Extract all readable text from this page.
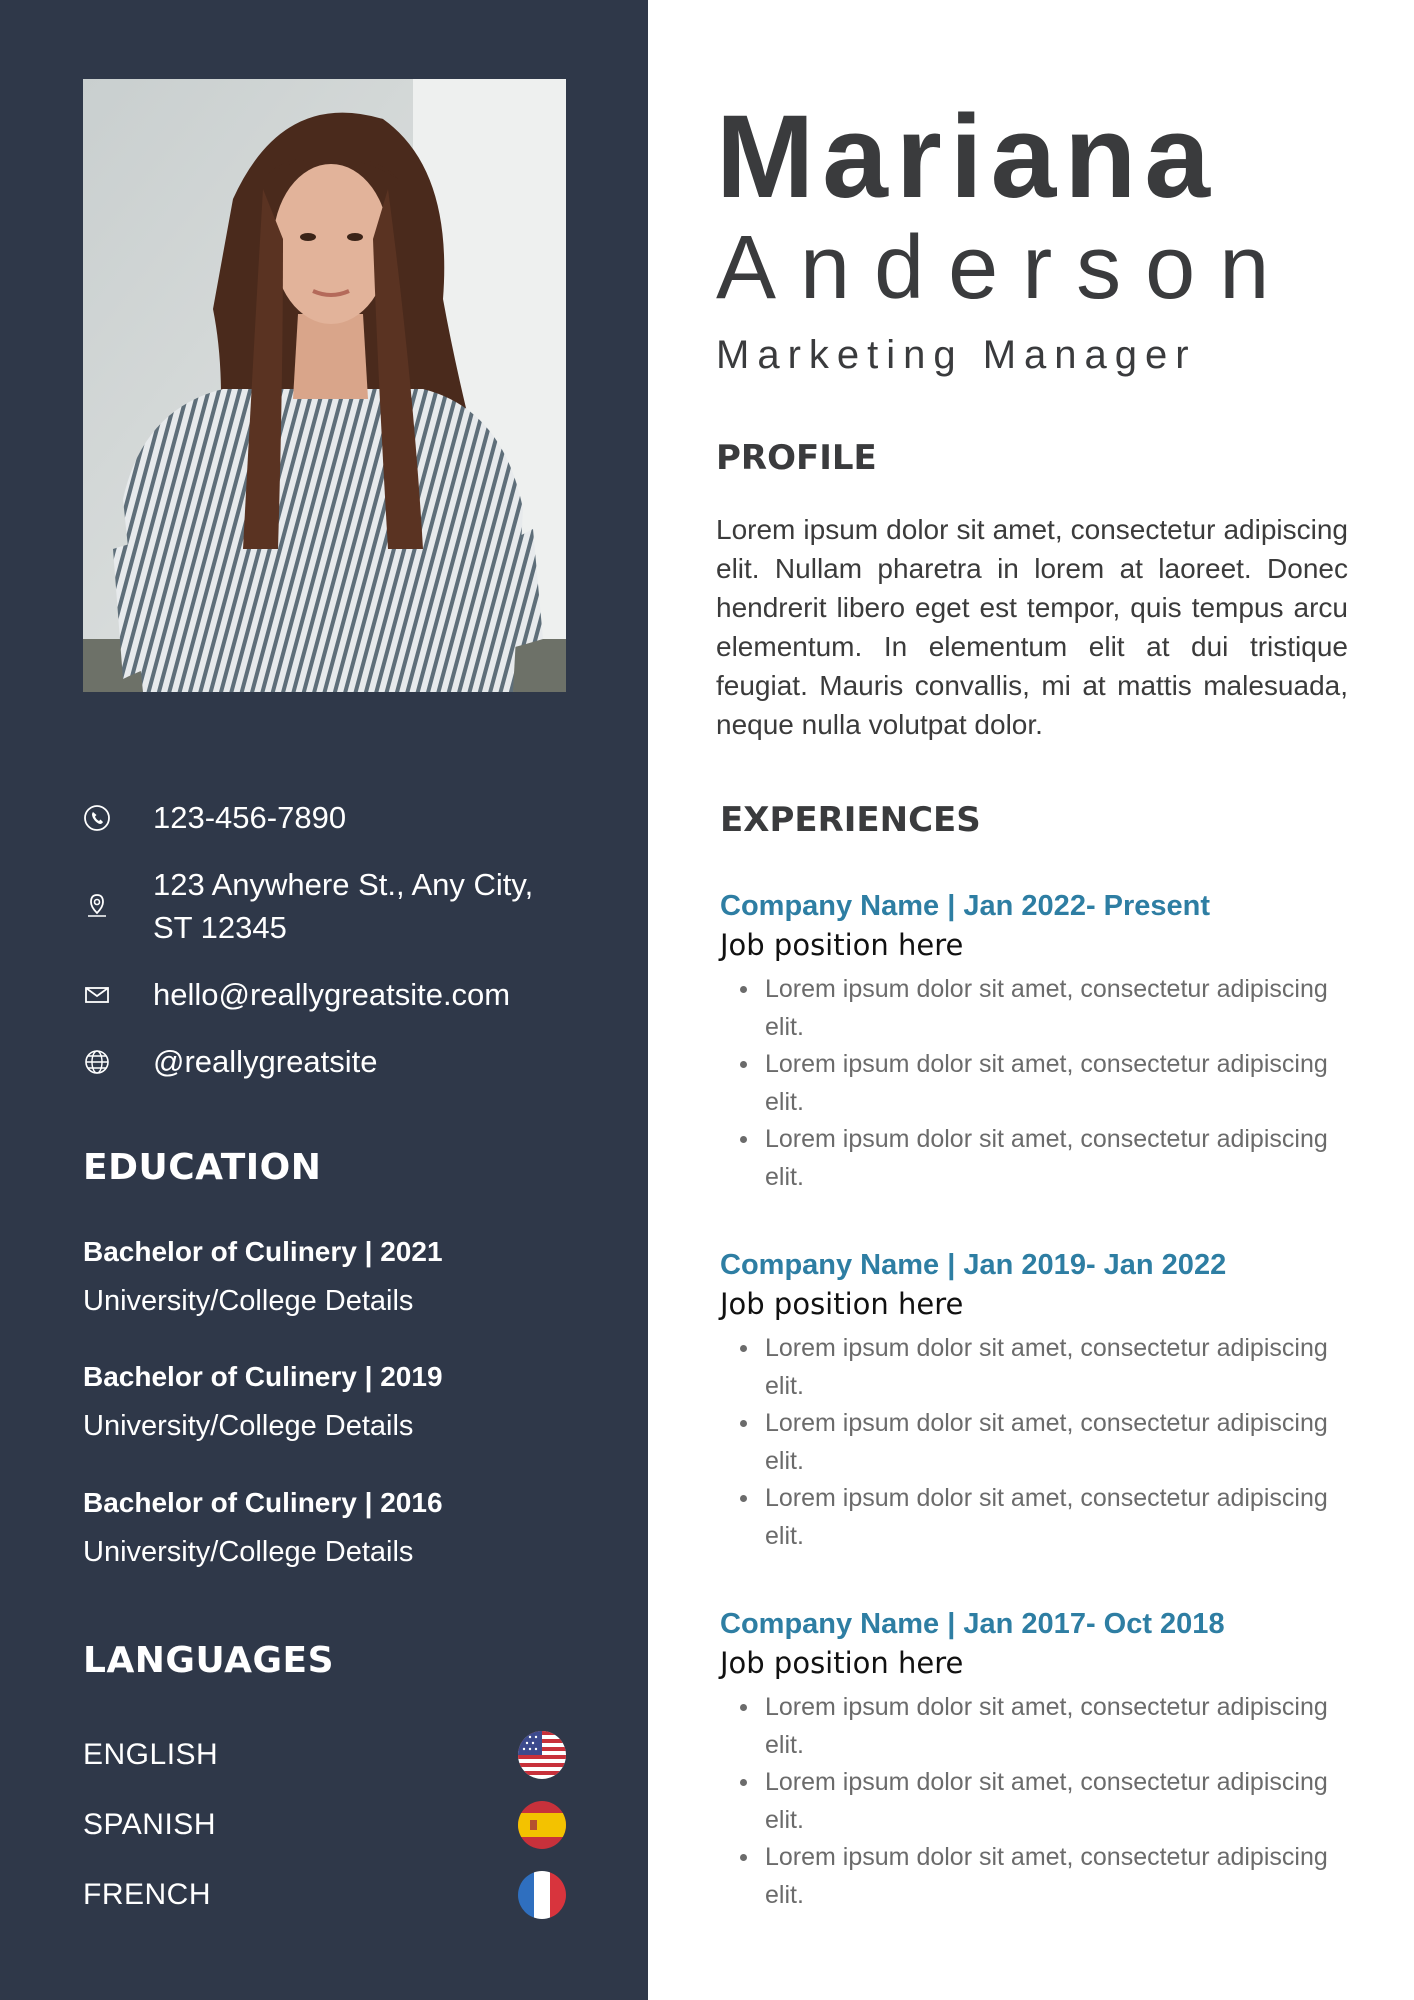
123-456-7890
123 Anywhere St., Any City,
ST 12345
hello@reallygreatsite.com
@reallygreatsite
EDUCATION
Bachelor of Culinery | 2021
University/College Details
Bachelor of Culinery | 2019
University/College Details
Bachelor of Culinery | 2016
University/College Details
LANGUAGES
ENGLISH
SPANISH
FRENCH
Mariana
Anderson
Marketing Manager
PROFILE
Lorem ipsum dolor sit amet, consectetur adipiscing elit. Nullam pharetra in lorem at laoreet. Donec hendrerit libero eget est tempor, quis tempus arcu elementum. In elementum elit at dui tristique feugiat. Mauris convallis, mi at mattis malesuada, neque nulla volutpat dolor.
EXPERIENCES
Company Name | Jan 2022- Present
Job position here
Lorem ipsum dolor sit amet, consectetur adipiscing elit.
Lorem ipsum dolor sit amet, consectetur adipiscing elit.
Lorem ipsum dolor sit amet, consectetur adipiscing elit.
Company Name | Jan 2019- Jan 2022
Job position here
Lorem ipsum dolor sit amet, consectetur adipiscing elit.
Lorem ipsum dolor sit amet, consectetur adipiscing elit.
Lorem ipsum dolor sit amet, consectetur adipiscing elit.
Company Name | Jan 2017- Oct 2018
Job position here
Lorem ipsum dolor sit amet, consectetur adipiscing elit.
Lorem ipsum dolor sit amet, consectetur adipiscing elit.
Lorem ipsum dolor sit amet, consectetur adipiscing elit.
